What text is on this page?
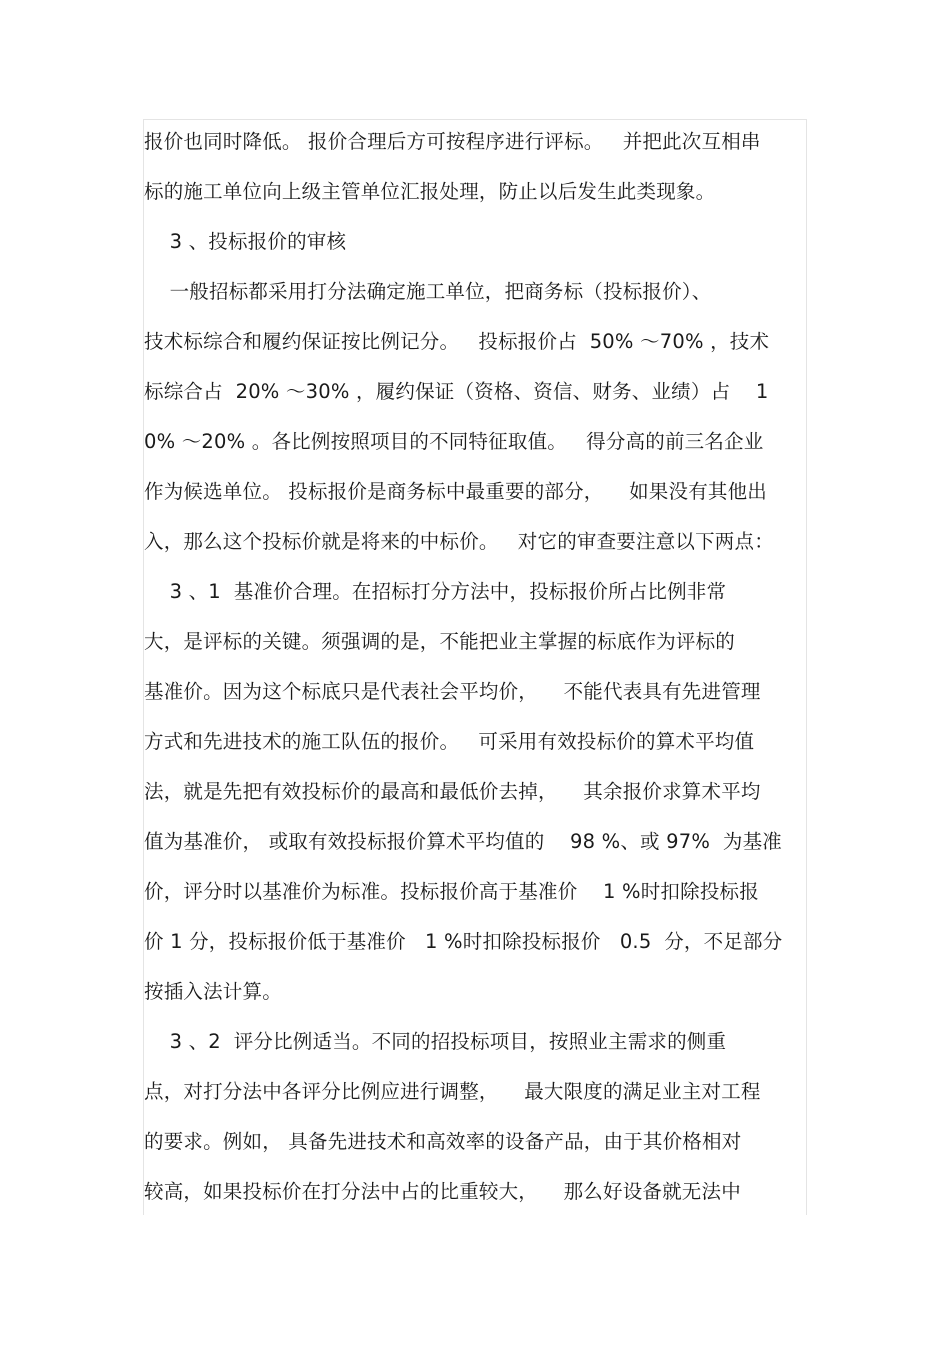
报价也同时降低。 报价合理后方可按程序进行评标。   并把此次互相串
标的施工单位向上级主管单位汇报处理，防止以后发生此类现象。
3 、投标报价的审核
一般招标都采用打分法确定施工单位，把商务标（投标报价）、
技术标综合和履约保证按比例记分。   投标报价占  50% ～70% ，技术
标综合占  20% ～30% ，履约保证（资格、资信、财务、业绩）占    1
0% ～20% 。各比例按照项目的不同特征取值。   得分高的前三名企业
作为候选单位。 投标报价是商务标中最重要的部分，    如果没有其他出
入，那么这个投标价就是将来的中标价。   对它的审查要注意以下两点：
3 、1  基准价合理。在招标打分方法中，投标报价所占比例非常
大，是评标的关键。须强调的是，不能把业主掌握的标底作为评标的
基准价。因为这个标底只是代表社会平均价，    不能代表具有先进管理
方式和先进技术的施工队伍的报价。   可采用有效投标价的算术平均值
法，就是先把有效投标价的最高和最低价去掉，    其余报价求算术平均
值为基准价， 或取有效投标报价算术平均值的    98 %、或 97%  为基准
价，评分时以基准价为标准。投标报价高于基准价    1 %时扣除投标报
价 1 分，投标报价低于基准价   1 %时扣除投标报价   0.5  分，不足部分
按插入法计算。
3 、2  评分比例适当。不同的招投标项目，按照业主需求的侧重
点，对打分法中各评分比例应进行调整，    最大限度的满足业主对工程
的要求。例如， 具备先进技术和高效率的设备产品，由于其价格相对
较高，如果投标价在打分法中占的比重较大，    那么好设备就无法中
